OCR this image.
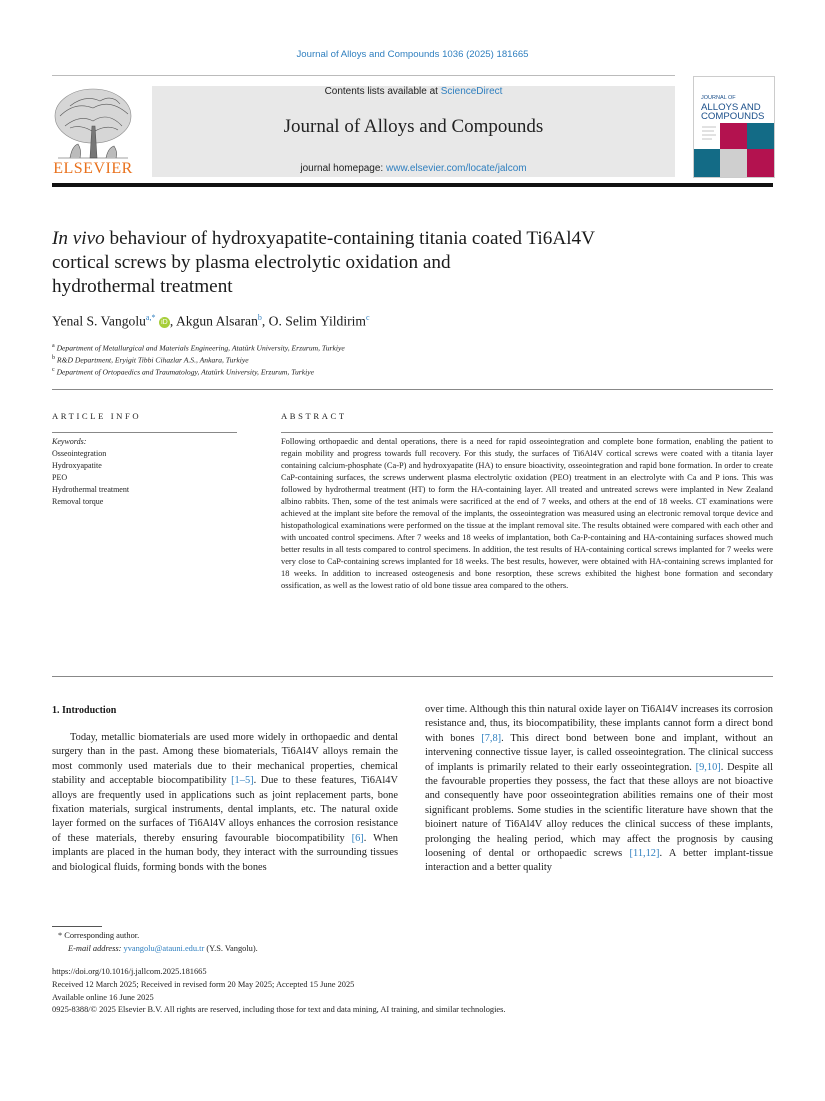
Journal of Alloys and Compounds 1036 (2025) 181665
ELSEVIER
Contents lists available at ScienceDirect
Journal of Alloys and Compounds
journal homepage: www.elsevier.com/locate/jalcom
JOURNAL OF
ALLOYS AND
COMPOUNDS
In vivo behaviour of hydroxyapatite-containing titania coated Ti6Al4V
cortical screws by plasma electrolytic oxidation and
hydrothermal treatment
Yenal S. Vangolu$^{a,*}$ iD , Akgun Alsaran$^b$, O. Selim Yildirim$^c$
$^a$ Department of Metallurgical and Materials Engineering, Atatürk University, Erzurum, Turkiye
$^b$ R&D Department, Eryigit Tibbi Cihazlar A.S., Ankara, Turkiye
$^c$ Department of Ortopaedics and Traumatology, Atatürk University, Erzurum, Turkiye
ARTICLE INFO
Keywords:
Osseointegration
Hydroxyapatite
PEO
Hydrothermal treatment
Removal torque
ABSTRACT
Following orthopaedic and dental operations, there is a need for rapid osseointegration and complete bone formation, enabling the patient to regain mobility and progress towards full recovery. For this study, the surfaces of Ti6Al4V cortical screws were coated with a titania layer containing calcium-phosphate (Ca-P) and hydroxyapatite (HA) to ensure bioactivity, osseointegration and rapid bone formation. In order to create CaP-containing surfaces, the screws underwent plasma electrolytic oxidation (PEO) treatment in an electrolyte with Ca and P ions. This was followed by hydrothermal treatment (HT) to form the HA-containing layer. All treated and untreated screws were implanted in New Zealand albino rabbits. Then, some of the test animals were sacrificed at the end of 7 weeks, and others at the end of 18 weeks. CT examinations were achieved at the implant site before the removal of the implants, the osseointegration was measured using an electronic removal torque device and histopathological examinations were performed on the tissue at the implant removal site. The results obtained were compared with each other and with uncoated control specimens. After 7 weeks and 18 weeks of implantation, both Ca-P-containing and HA-containing surfaces showed much better results in all tests compared to control specimens. In addition, the test results of HA-containing cortical screws implanted for 7 weeks were very close to CaP-containing screws implanted for 18 weeks. The best results, however, were obtained with HA-containing screws implanted for 18 weeks. In addition to increased osteogenesis and bone resorption, these screws exhibited the highest bone formation and secondary ossification, as well as the lowest ratio of old bone tissue area compared to the others.
1. Introduction
Today, metallic biomaterials are used more widely in orthopaedic and dental surgery than in the past. Among these biomaterials, Ti6Al4V alloys remain the most commonly used materials due to their mechanical properties, chemical stability and acceptable biocompatibility [1–5]. Due to these features, Ti6Al4V alloys are frequently used in applications such as joint replacement parts, bone fixation materials, surgical instruments, dental implants, etc. The natural oxide layer formed on the surfaces of Ti6Al4V alloys enhances the corrosion resistance of these materials, thereby ensuring favourable biocompatibility [6]. When implants are placed in the human body, they interact with the surrounding tissues and biological fluids, forming bonds with the bones
over time. Although this thin natural oxide layer on Ti6Al4V increases its corrosion resistance and, thus, its biocompatibility, these implants cannot form a direct bond with bones [7,8]. This direct bond between bone and implant, without an intervening connective tissue layer, is called osseointegration. The clinical success of implants is primarily related to their early osseointegration. [9,10]. Despite all the favourable properties they possess, the fact that these alloys are not bioactive and consequently have poor osseointegration abilities remains one of their most significant problems. Some studies in the scientific literature have shown that the bioinert nature of Ti6Al4V alloy reduces the clinical success of these implants, prolonging the healing period, which may affect the prognosis by causing loosening of dental or orthopaedic screws [11,12]. A better implant-tissue interaction and a better quality
* Corresponding author.
E-mail address: yvangolu@atauni.edu.tr (Y.S. Vangolu).
https://doi.org/10.1016/j.jallcom.2025.181665
Received 12 March 2025; Received in revised form 20 May 2025; Accepted 15 June 2025
Available online 16 June 2025
0925-8388/© 2025 Elsevier B.V. All rights are reserved, including those for text and data mining, AI training, and similar technologies.
